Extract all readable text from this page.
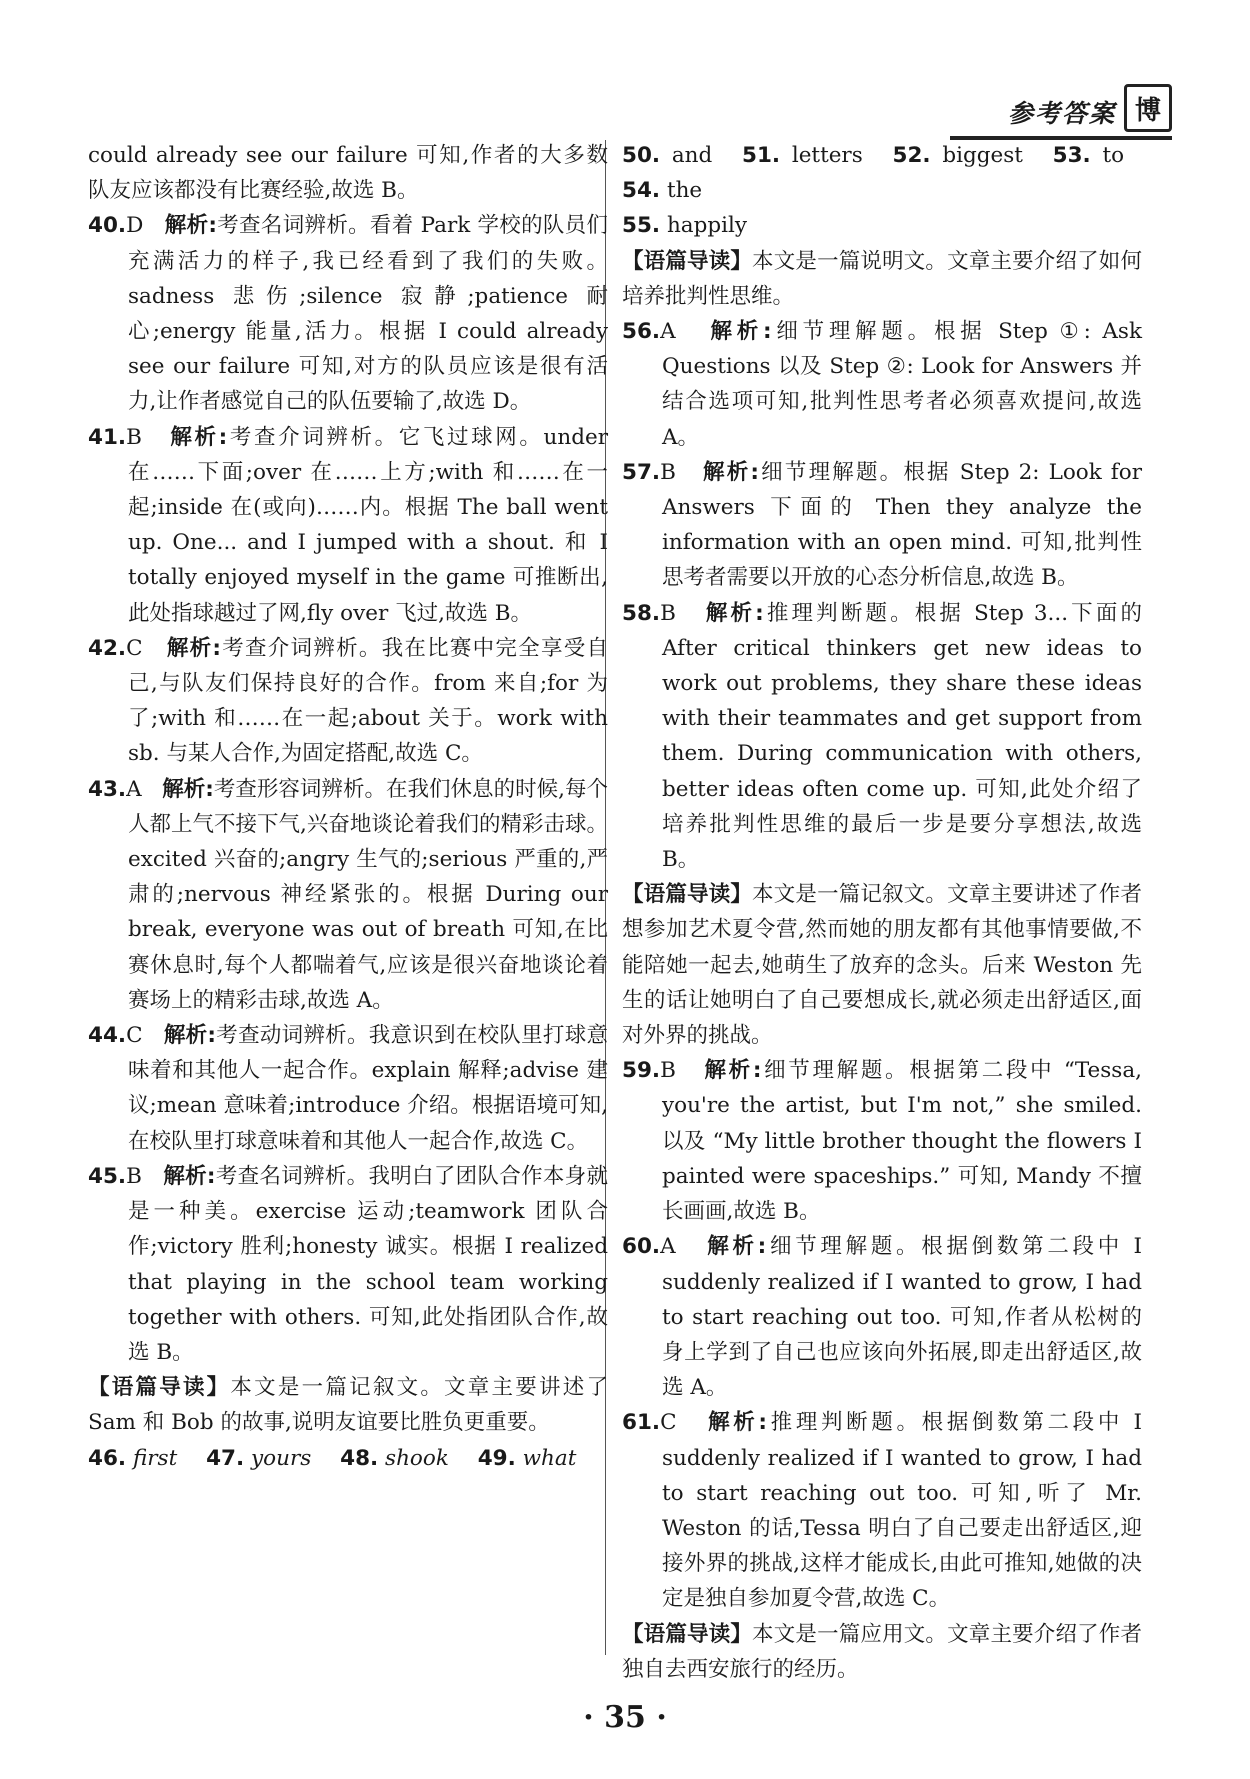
参考答案 博

could already see our failure 可知,作者的大多数队友应该都没有比赛经验,故选 B。

40.D 解析:考查名词辨析。看着 Park 学校的队员们充满活力的样子,我已经看到了我们的失败。sadness 悲伤;silence 寂静;patience 耐心;energy 能量,活力。根据 I could already see our failure 可知,对方的队员应该是很有活力,让作者感觉自己的队伍要输了,故选 D。

41.B 解析:考查介词辨析。它飞过球网。under 在……下面;over 在……上方;with 和……在一起;inside 在(或向)……内。根据 The ball went up. One... and I jumped with a shout. 和 I totally enjoyed myself in the game 可推断出,此处指球越过了网,fly over 飞过,故选 B。

42.C 解析:考查介词辨析。我在比赛中完全享受自己,与队友们保持良好的合作。from 来自;for 为了;with 和……在一起;about 关于。work with sb. 与某人合作,为固定搭配,故选 C。

43.A 解析:考查形容词辨析。在我们休息的时候,每个人都上气不接下气,兴奋地谈论着我们的精彩击球。excited 兴奋的;angry 生气的;serious 严重的,严肃的;nervous 神经紧张的。根据 During our break, everyone was out of breath 可知,在比赛休息时,每个人都喘着气,应该是很兴奋地谈论着赛场上的精彩击球,故选 A。

44.C 解析:考查动词辨析。我意识到在校队里打球意味着和其他人一起合作。explain 解释;advise 建议;mean 意味着;introduce 介绍。根据语境可知,在校队里打球意味着和其他人一起合作,故选 C。

45.B 解析:考查名词辨析。我明白了团队合作本身就是一种美。exercise 运动;teamwork 团队合作;victory 胜利;honesty 诚实。根据 I realized that playing in the school team working together with others. 可知,此处指团队合作,故选 B。

【语篇导读】本文是一篇记叙文。文章主要讲述了 Sam 和 Bob 的故事,说明友谊要比胜负更重要。

46. first 47. yours 48. shook 49. what

50. and 51. letters 52. biggest 53. to 54. the

55. happily

【语篇导读】本文是一篇说明文。文章主要介绍了如何培养批判性思维。

56.A 解析:细节理解题。根据 Step ①: Ask Questions 以及 Step ②: Look for Answers 并结合选项可知,批判性思考者必须喜欢提问,故选 A。

57.B 解析:细节理解题。根据 Step 2: Look for Answers 下面的 Then they analyze the information with an open mind. 可知,批判性思考者需要以开放的心态分析信息,故选 B。

58.B 解析:推理判断题。根据 Step 3...下面的 After critical thinkers get new ideas to work out problems, they share these ideas with their teammates and get support from them. During communication with others, better ideas often come up. 可知,此处介绍了培养批判性思维的最后一步是要分享想法,故选 B。

【语篇导读】本文是一篇记叙文。文章主要讲述了作者想参加艺术夏令营,然而她的朋友都有其他事情要做,不能陪她一起去,她萌生了放弃的念头。后来 Weston 先生的话让她明白了自己要想成长,就必须走出舒适区,面对外界的挑战。

59.B 解析:细节理解题。根据第二段中 “Tessa, you're the artist, but I'm not,” she smiled. 以及 “My little brother thought the flowers I painted were spaceships.” 可知, Mandy 不擅长画画,故选 B。

60.A 解析:细节理解题。根据倒数第二段中 I suddenly realized if I wanted to grow, I had to start reaching out too. 可知,作者从松树的身上学到了自己也应该向外拓展,即走出舒适区,故选 A。

61.C 解析:推理判断题。根据倒数第二段中 I suddenly realized if I wanted to grow, I had to start reaching out too. 可知,听了 Mr. Weston 的话,Tessa 明白了自己要走出舒适区,迎接外界的挑战,这样才能成长,由此可推知,她做的决定是独自参加夏令营,故选 C。

【语篇导读】本文是一篇应用文。文章主要介绍了作者独自去西安旅行的经历。

· 35 ·
